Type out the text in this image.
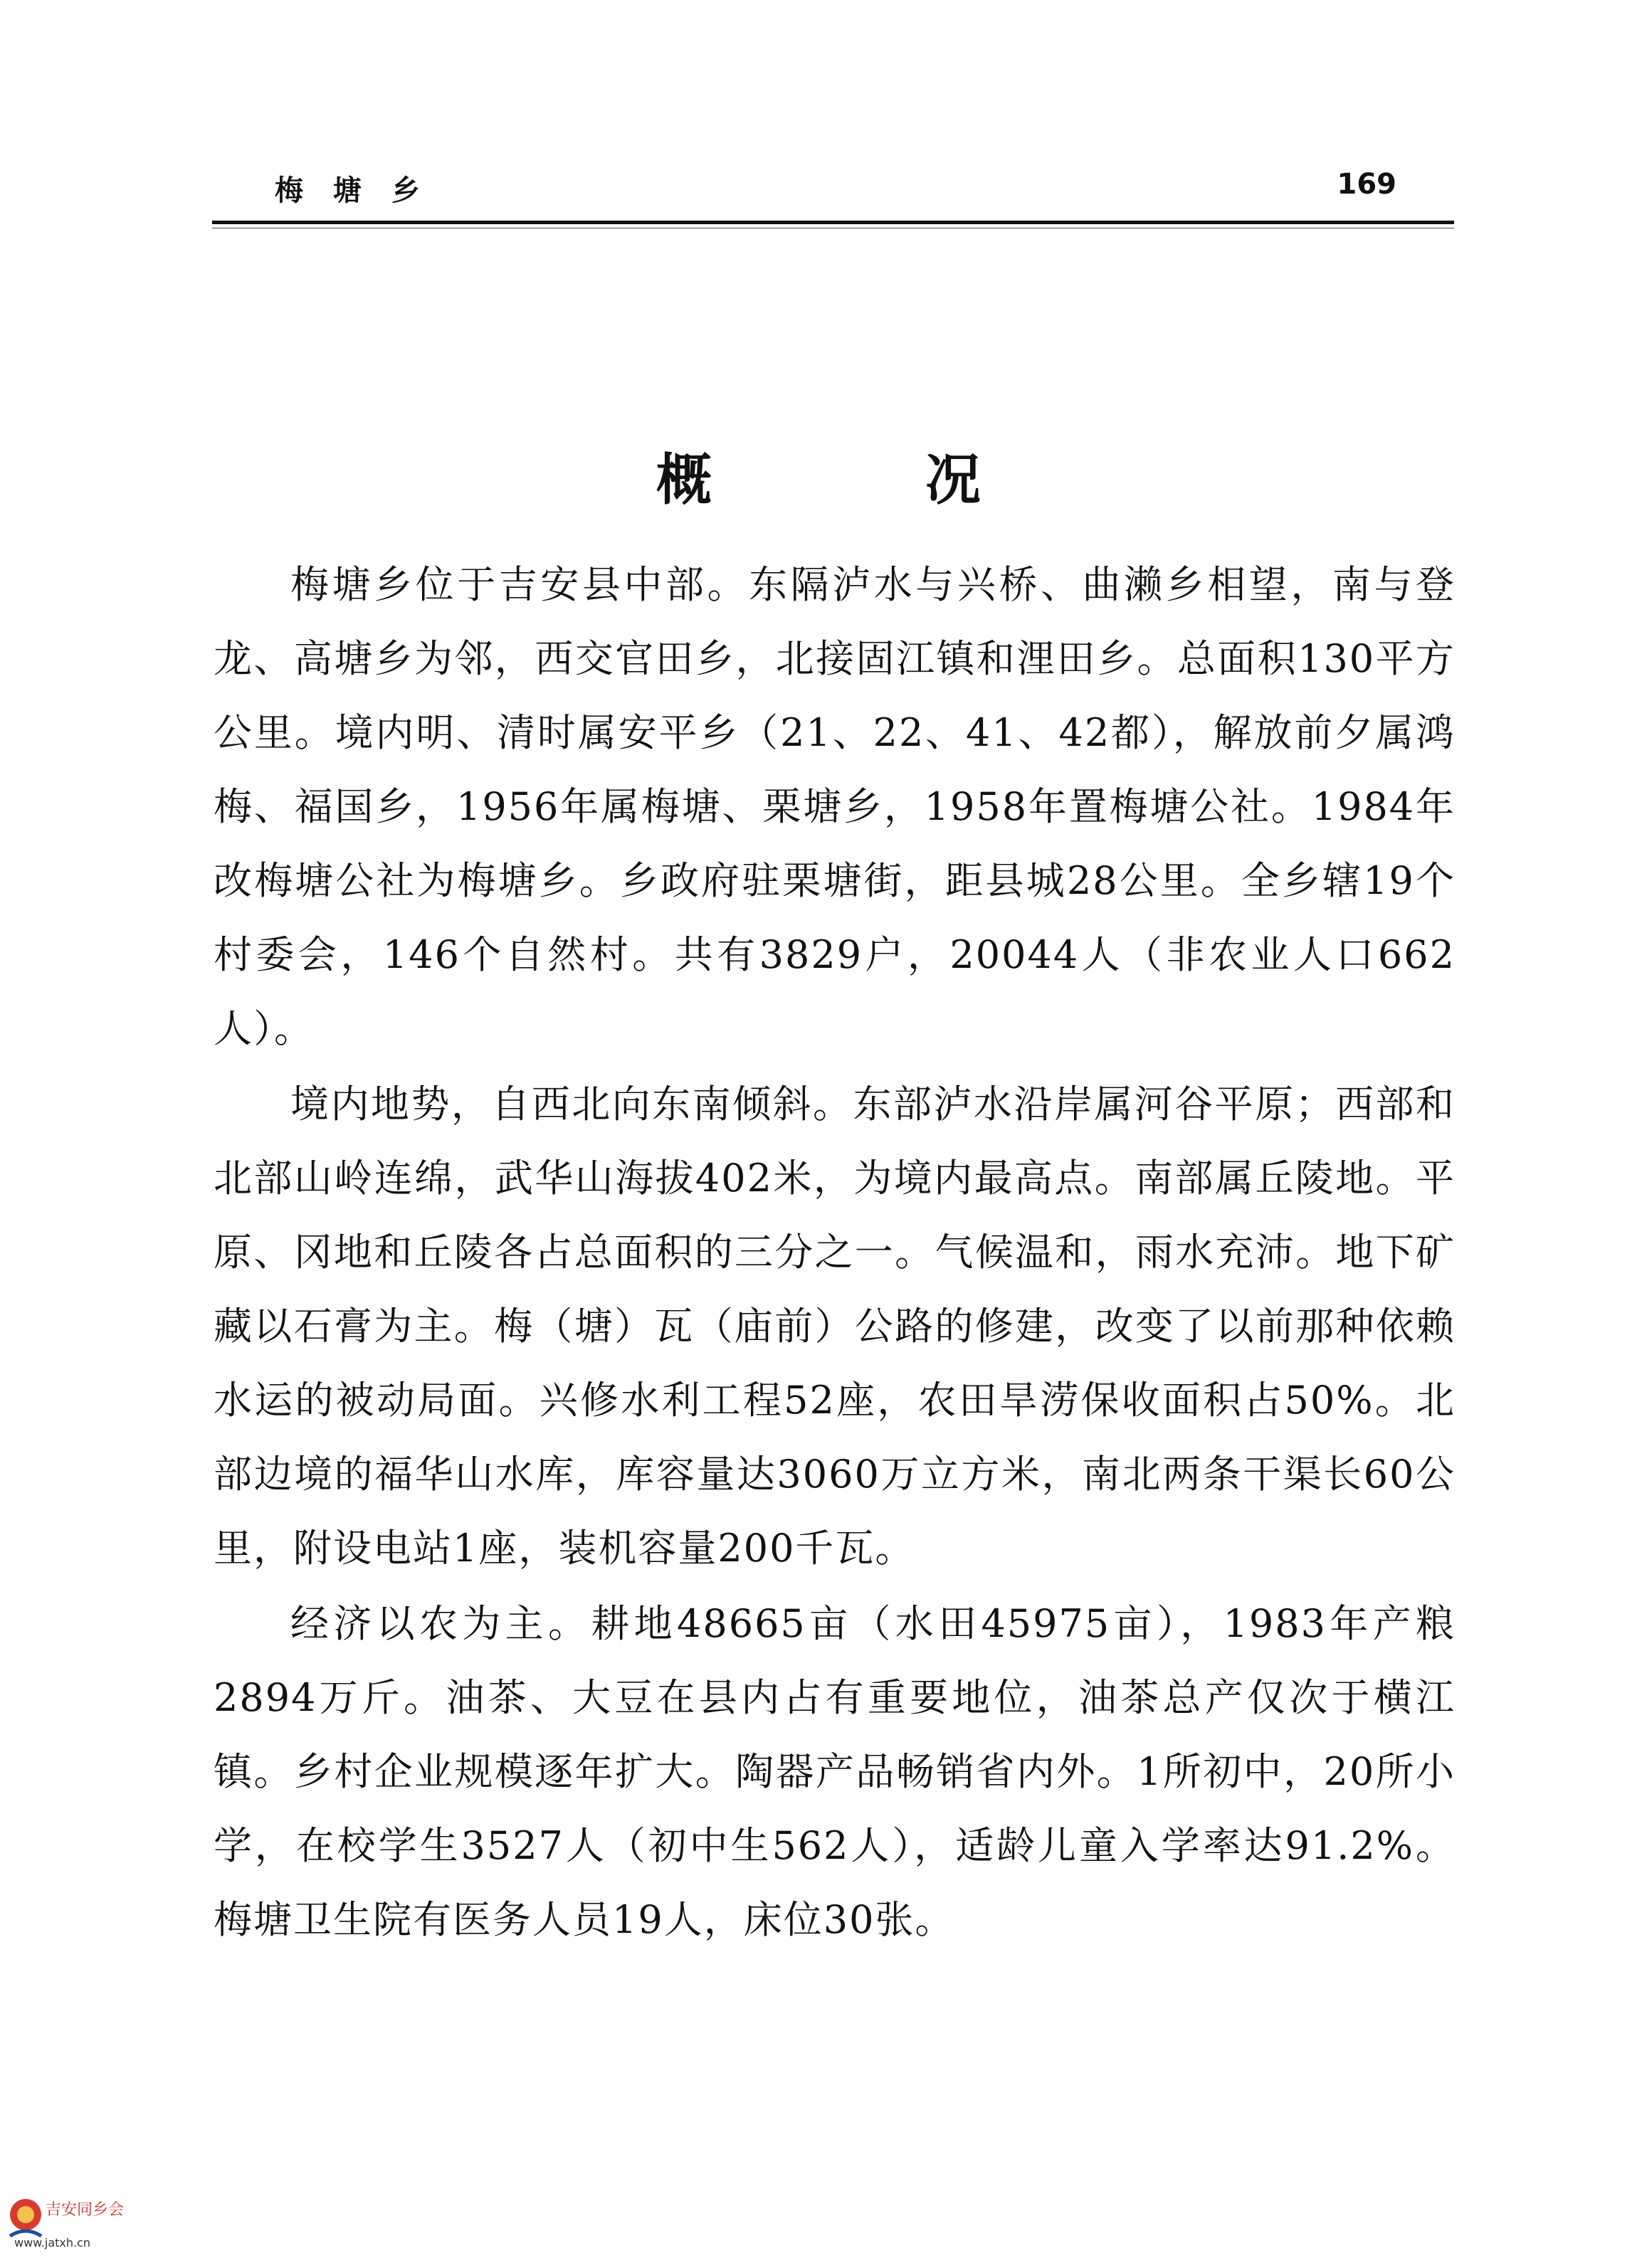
梅 塘 乡	169
概况

梅塘乡位于吉安县中部。东隔泸水与兴桥、曲濑乡相望，南与登龙、高塘乡为邻，西交官田乡，北接固江镇和浬田乡。总面积130平方公里。境内明、清时属安平乡（21、22、41、42都），解放前夕属鸿梅、福国乡，1956年属梅塘、栗塘乡，1958年置梅塘公社。1984年改梅塘公社为梅塘乡。乡政府驻栗塘街，距县城28公里。全乡辖19个村委会，146个自然村。共有3829户，20044人（非农业人口662人）。

境内地势，自西北向东南倾斜。东部泸水沿岸属河谷平原；西部和北部山岭连绵，武华山海拔402米，为境内最高点。南部属丘陵地。平原、冈地和丘陵各占总面积的三分之一。气候温和，雨水充沛。地下矿藏以石膏为主。梅（塘）瓦（庙前）公路的修建，改变了以前那种依赖水运的被动局面。兴修水利工程52座，农田旱涝保收面积占50%。北部边境的福华山水库，库容量达3060万立方米，南北两条干渠长60公里，附设电站1座，装机容量200千瓦。

经济以农为主。耕地48665亩（水田45975亩），1983年产粮2894万斤。油茶、大豆在县内占有重要地位，油茶总产仅次于横江镇。乡村企业规模逐年扩大。陶器产品畅销省内外。1所初中，20所小学，在校学生3527人（初中生562人），适龄儿童入学率达91.2%。梅塘卫生院有医务人员19人，床位30张。

吉安同乡会
www.jatxh.cn
